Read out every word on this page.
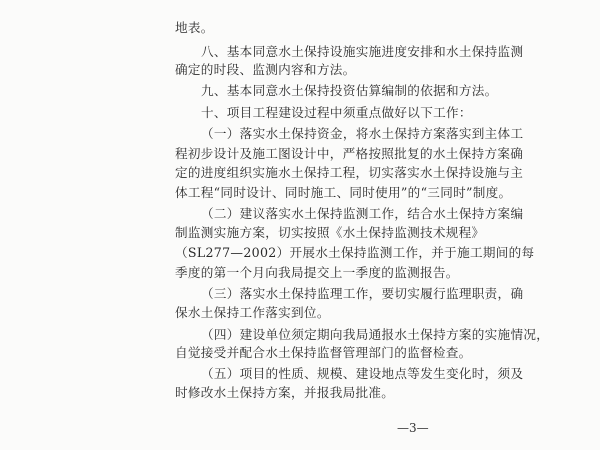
地表。
八、基本同意水土保持设施实施进度安排和水土保持监测
确定的时段、监测内容和方法。
九、基本同意水土保持投资估算编制的依据和方法。
十、项目工程建设过程中须重点做好以下工作：
（一）落实水土保持资金，将水土保持方案落实到主体工
程初步设计及施工图设计中，严格按照批复的水土保持方案确
定的进度组织实施水土保持工程，切实落实水土保持设施与主
体工程“同时设计、同时施工、同时使用”的“三同时”制度。
（二）建议落实水土保持监测工作，结合水土保持方案编
制监测实施方案，切实按照《水土保持监测技术规程》
（SL277—2002）开展水土保持监测工作，并于施工期间的每
季度的第一个月向我局提交上一季度的监测报告。
（三）落实水土保持监理工作，要切实履行监理职责，确
保水土保持工作落实到位。
（四）建设单位须定期向我局通报水土保持方案的实施情况，
自觉接受并配合水土保持监督管理部门的监督检查。
（五）项目的性质、规模、建设地点等发生变化时，须及
时修改水土保持方案，并报我局批准。
—3—
